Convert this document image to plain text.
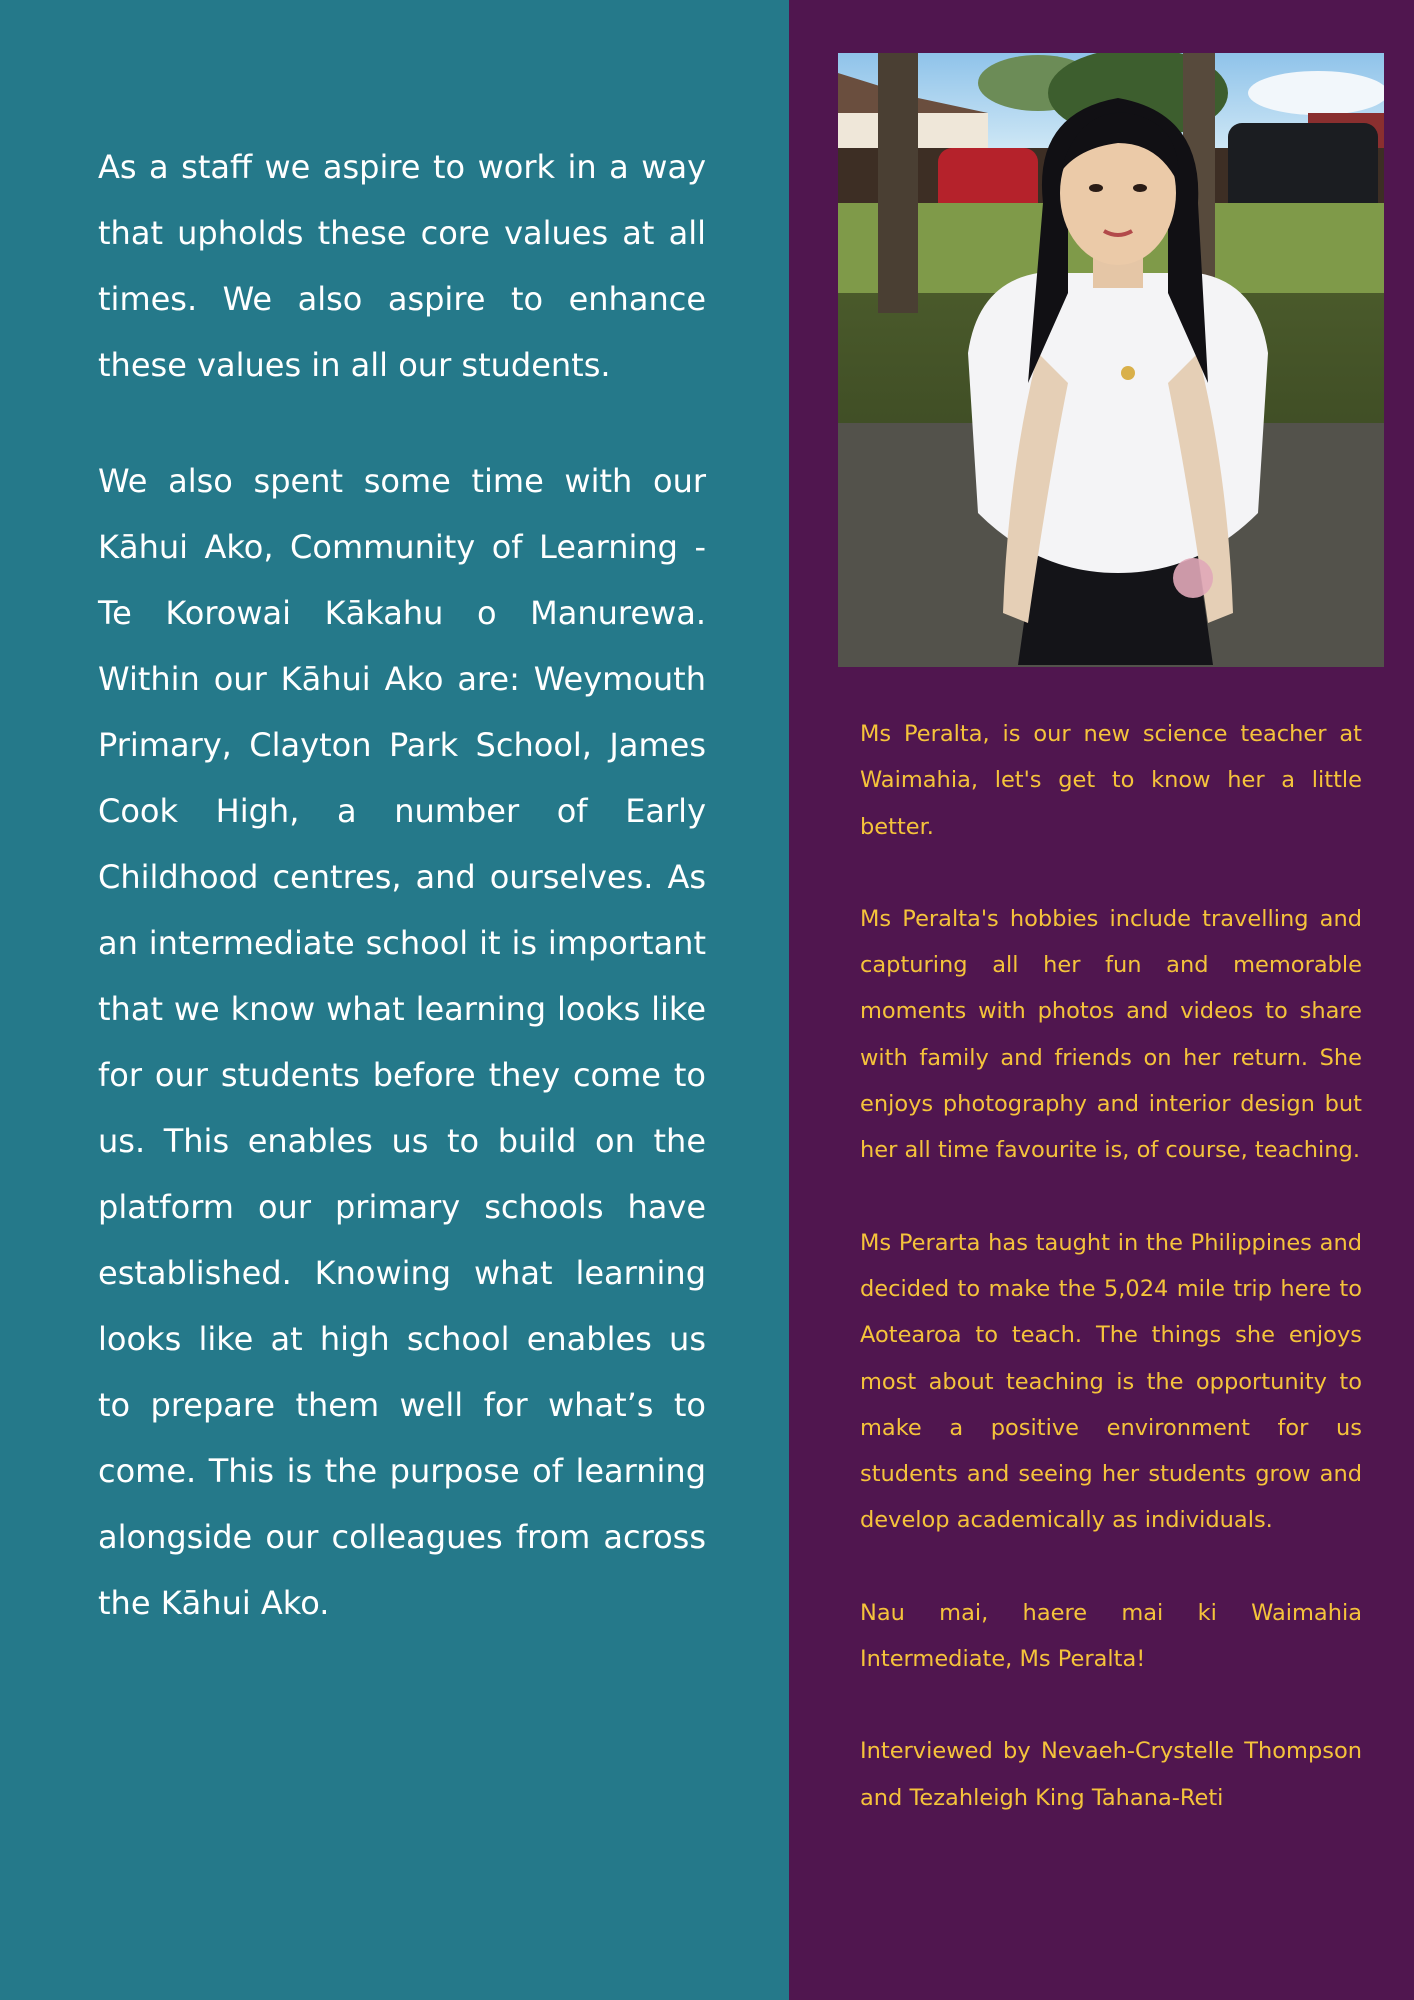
As a staff we aspire to work in a way that upholds these core values at all times. We also aspire to enhance these values in all our students.

We also spent some time with our Kāhui Ako, Community of Learning - Te Korowai Kākahu o Manurewa. Within our Kāhui Ako are: Weymouth Primary, Clayton Park School, James Cook High, a number of Early Childhood centres, and ourselves. As an intermediate school it is important that we know what learning looks like for our students before they come to us. This enables us to build on the platform our primary schools have established. Knowing what learning looks like at high school enables us to prepare them well for what’s to come. This is the purpose of learning alongside our colleagues from across the Kāhui Ako.

Ms Peralta, is our new science teacher at Waimahia, let's get to know her a little better.

Ms Peralta's hobbies include travelling and capturing all her fun and memorable moments with photos and videos to share with family and friends on her return. She enjoys photography and interior design but her all time favourite is, of course, teaching.

Ms Perarta has taught in the Philippines and decided to make the 5,024 mile trip here to Aotearoa to teach. The things she enjoys most about teaching is the opportunity to make a positive environment for us students and seeing her students grow and develop academically as individuals.

Nau mai, haere mai ki Waimahia Intermediate, Ms Peralta!

Interviewed by Nevaeh-Crystelle Thompson and Tezahleigh King Tahana-Reti
